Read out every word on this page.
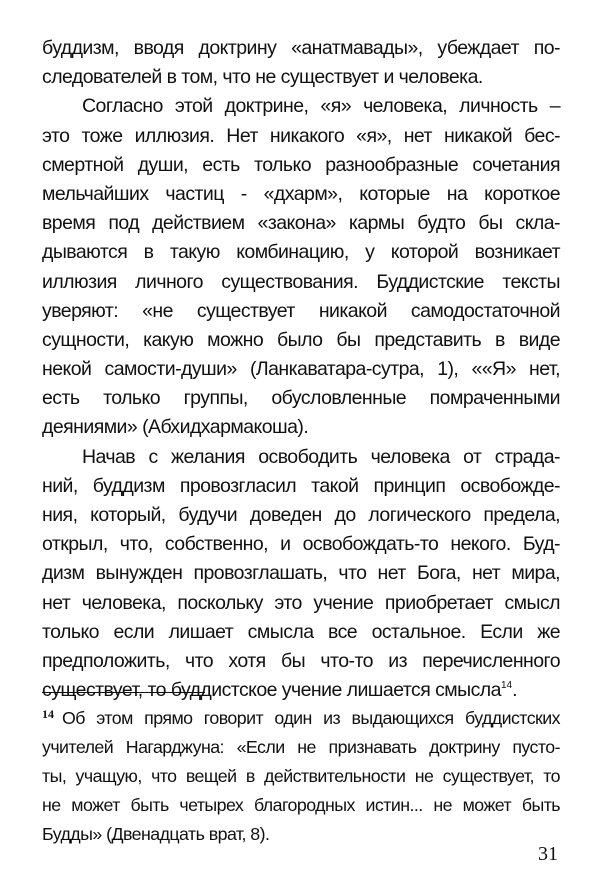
буддизм, вводя доктрину «анатмавады», убеждает по-
следователей в том, что не существует и человека.
Согласно этой доктрине, «я» человека, личность –
это тоже иллюзия. Нет никакого «я», нет никакой бес-
смертной души, есть только разнообразные сочетания
мельчайших частиц - «дхарм», которые на короткое
время под действием «закона» кармы будто бы скла-
дываются в такую комбинацию, у которой возникает
иллюзия личного существования. Буддистские тексты
уверяют: «не существует никакой самодостаточной
сущности, какую можно было бы представить в виде
некой самости-души» (Ланкаватара-сутра, 1), ««Я» нет,
есть только группы, обусловленные помраченными
деяниями» (Абхидхармакоша).
Начав с желания освободить человека от страда-
ний, буддизм провозгласил такой принцип освобожде-
ния, который, будучи доведен до логического предела,
открыл, что, собственно, и освобождать-то некого. Буд-
дизм вынужден провозглашать, что нет Бога, нет мира,
нет человека, поскольку это учение приобретает смысл
только если лишает смысла все остальное. Если же
предположить, что хотя бы что-то из перечисленного
существует, то буддистское учение лишается смысла$^{14}$.
$^{14}$ Об этом прямо говорит один из выдающихся буддистских
учителей Нагарджуна: «Если не признавать доктрину пусто-
ты, учащую, что вещей в действительности не существует, то
не может быть четырех благородных истин... не может быть
Будды» (Двенадцать врат, 8).
31
